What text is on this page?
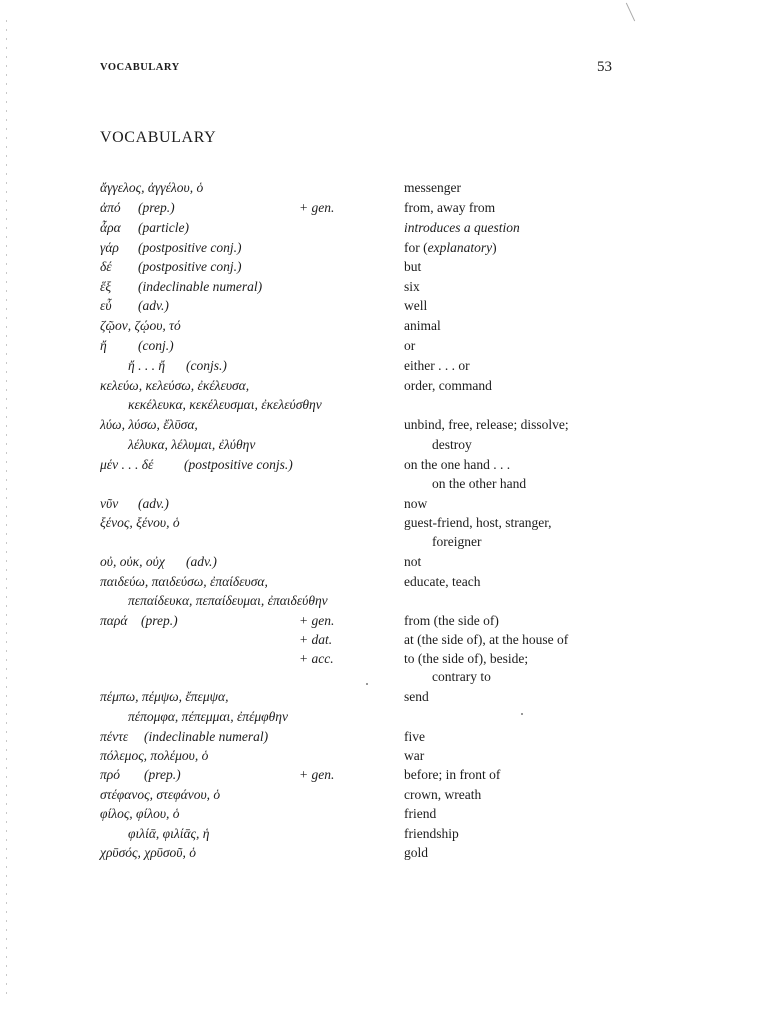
VOCABULARY	53
VOCABULARY
ἄγγελος, ἀγγέλου, ὁ	messenger
ἀπό (prep.)	+ gen.	from, away from
ἆρα (particle)	introduces a question
γάρ (postpositive conj.)	for (explanatory)
δέ (postpositive conj.)	but
ἕξ (indeclinable numeral)	six
εὖ (adv.)	well
ζῷον, ζῴου, τό	animal
ἤ (conj.)	or
ἤ . . . ἤ (conjs.)	either . . . or
κελεύω, κελεύσω, ἐκέλευσα,	order, command
κεκέλευκα, κεκέλευσμαι, ἐκελεύσθην
λύω, λύσω, ἔλῡσα,	unbind, free, release; dissolve;
λέλυκα, λέλυμαι, ἐλύθην	destroy
μέν . . . δέ (postpositive conjs.)	on the one hand . . .
on the other hand
νῦν (adv.)	now
ξένος, ξένου, ὁ	guest-friend, host, stranger,
foreigner
οὐ, οὐκ, οὐχ (adv.)	not
παιδεύω, παιδεύσω, ἐπαίδευσα,	educate, teach
πεπαίδευκα, πεπαίδευμαι, ἐπαιδεύθην
παρά (prep.)	+ gen.	from (the side of)
+ dat.	at (the side of), at the house of
+ acc.	to (the side of), beside;
contrary to
πέμπω, πέμψω, ἔπεμψα,	send
πέπομφα, πέπεμμαι, ἐπέμφθην
πέντε (indeclinable numeral)	five
πόλεμος, πολέμου, ὁ	war
πρό (prep.)	+ gen.	before; in front of
στέφανος, στεφάνου, ὁ	crown, wreath
φίλος, φίλου, ὁ	friend
φιλίᾱ, φιλίᾱς, ἡ	friendship
χρῡσός, χρῡσοῦ, ὁ	gold
